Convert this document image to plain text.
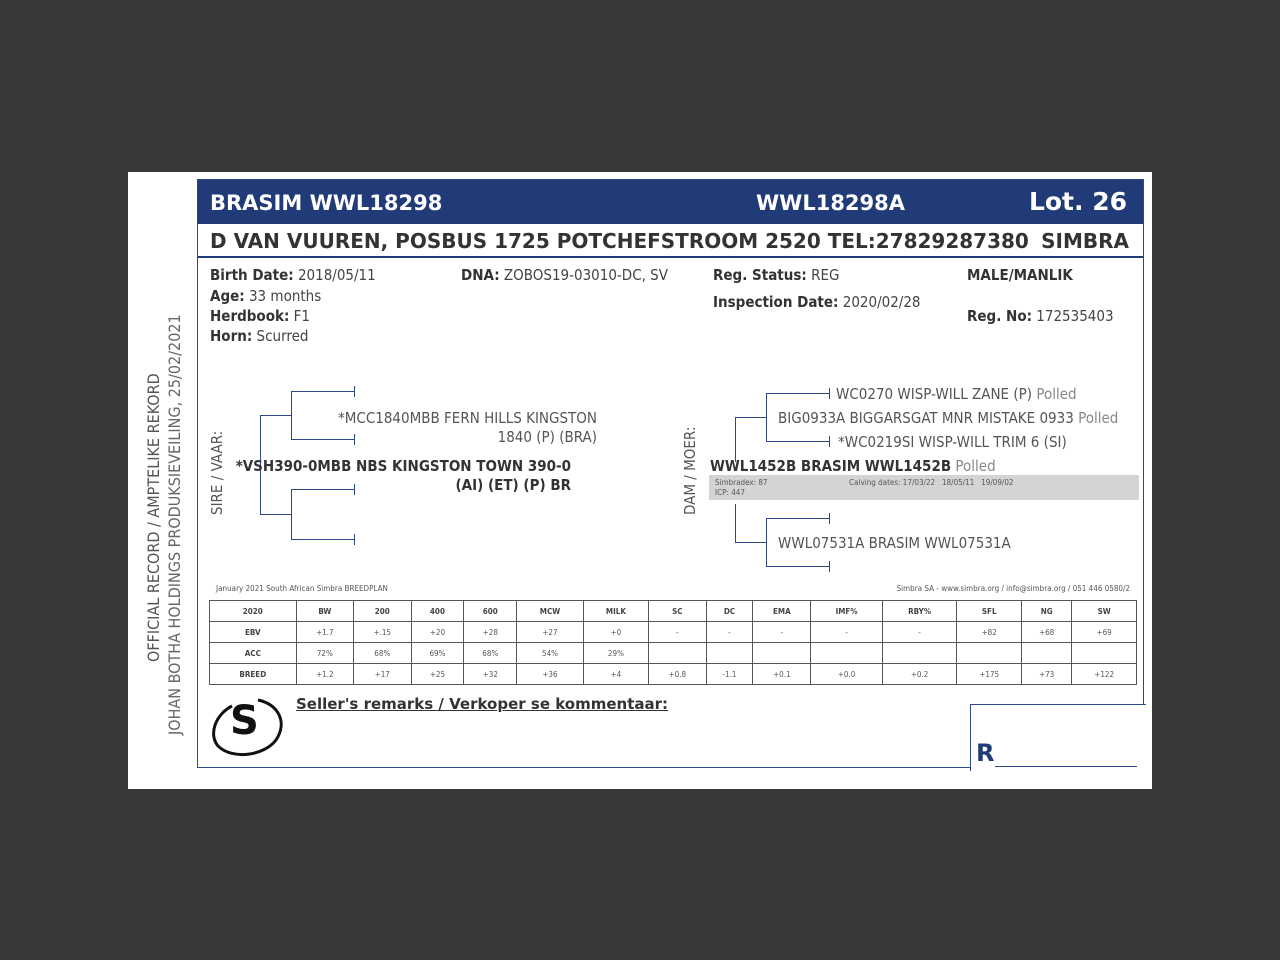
OFFICIAL RECORD / AMPTELIKE REKORD JOHAN BOTHA HOLDINGS PRODUKSIEVEILING, 25/02/2021
BRASIM WWL18298	WWL18298A	Lot. 26
D VAN VUUREN, POSBUS 1725 POTCHEFSTROOM 2520 TEL:27829287380 SIMBRA
Birth Date: 2018/05/11
Age: 33 months
Herdbook: F1
Horn: Scurred
DNA: ZOBOS19-03010-DC, SV	Reg. Status: REG
Inspection Date: 2020/02/28
MALE/MANLIK
Reg. No: 172535403
SIRE / VAAR:
*MCC1840MBB FERN HILLS KINGSTON
1840 (P) (BRA)
*VSH390-0MBB NBS KINGSTON TOWN 390-0
(AI) (ET) (P) BR	DAM / MOER:
WC0270 WISP-WILL ZANE (P) Polled
BIG0933A BIGGARSGAT MNR MISTAKE 0933 Polled
*WC0219SI WISP-WILL TRIM 6 (SI)
WWL1452B BRASIM WWL1452B Polled
Simbradex: 87
ICP: 447
Calving dates: 17/03/22   18/05/11   19/09/02
WWL07531A BRASIM WWL07531A
January 2021 South African Simbra BREEDPLAN	Simbra SA - www.simbra.org / info@simbra.org / 051 446 0580/2
2020	BW	200	400	600	MCW	MILK	SC	DC	EMA	IMF%	RBY%	SFL	NG	SW
EBV	+1.7	+.15	+20	+28	+27	+0	-	-	-	-	-	+82	+68	+69
ACC	72%	68%	69%	68%	54%	29%								
BREED	+1.2	+17	+25	+32	+36	+4	+0.8	-1.1	+0.1	+0.0	+0.2	+175	+73	+122
S Seller's remarks / Verkoper se kommentaar:
R
